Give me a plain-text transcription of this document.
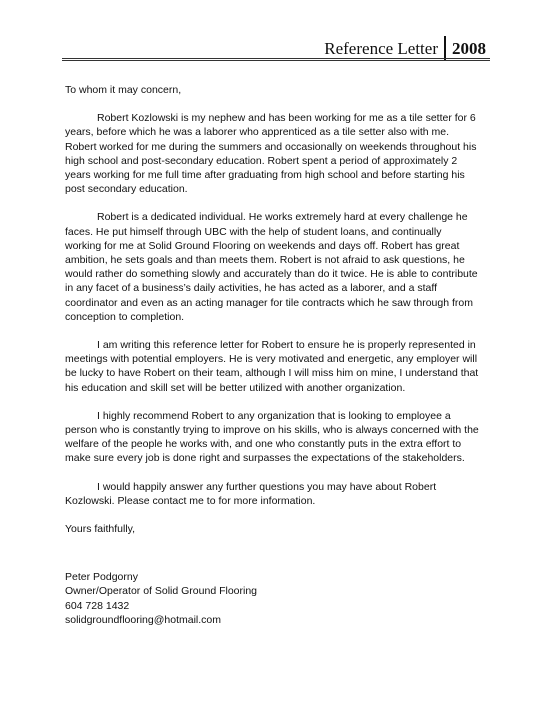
Reference Letter 2008

To whom it may concern,

Robert Kozlowski is my nephew and has been working for me as a tile setter for 6 years, before which he was a laborer who apprenticed as a tile setter also with me. Robert worked for me during the summers and occasionally on weekends throughout his high school and post-secondary education. Robert spent a period of approximately 2 years working for me full time after graduating from high school and before starting his post secondary education.

Robert is a dedicated individual. He works extremely hard at every challenge he faces. He put himself through UBC with the help of student loans, and continually working for me at Solid Ground Flooring on weekends and days off. Robert has great ambition, he sets goals and than meets them. Robert is not afraid to ask questions, he would rather do something slowly and accurately than do it twice. He is able to contribute in any facet of a business’s daily activities, he has acted as a laborer, and a staff coordinator and even as an acting manager for tile contracts which he saw through from conception to completion.

I am writing this reference letter for Robert to ensure he is properly represented in meetings with potential employers. He is very motivated and energetic, any employer will be lucky to have Robert on their team, although I will miss him on mine, I understand that his education and skill set will be better utilized with another organization.

I highly recommend Robert to any organization that is looking to employee a person who is constantly trying to improve on his skills, who is always concerned with the welfare of the people he works with, and one who constantly puts in the extra effort to make sure every job is done right and surpasses the expectations of the stakeholders.

I would happily answer any further questions you may have about Robert Kozlowski. Please contact me to for more information.

Yours faithfully,

Peter Podgorny
Owner/Operator of Solid Ground Flooring
604 728 1432
solidgroundflooring@hotmail.com
